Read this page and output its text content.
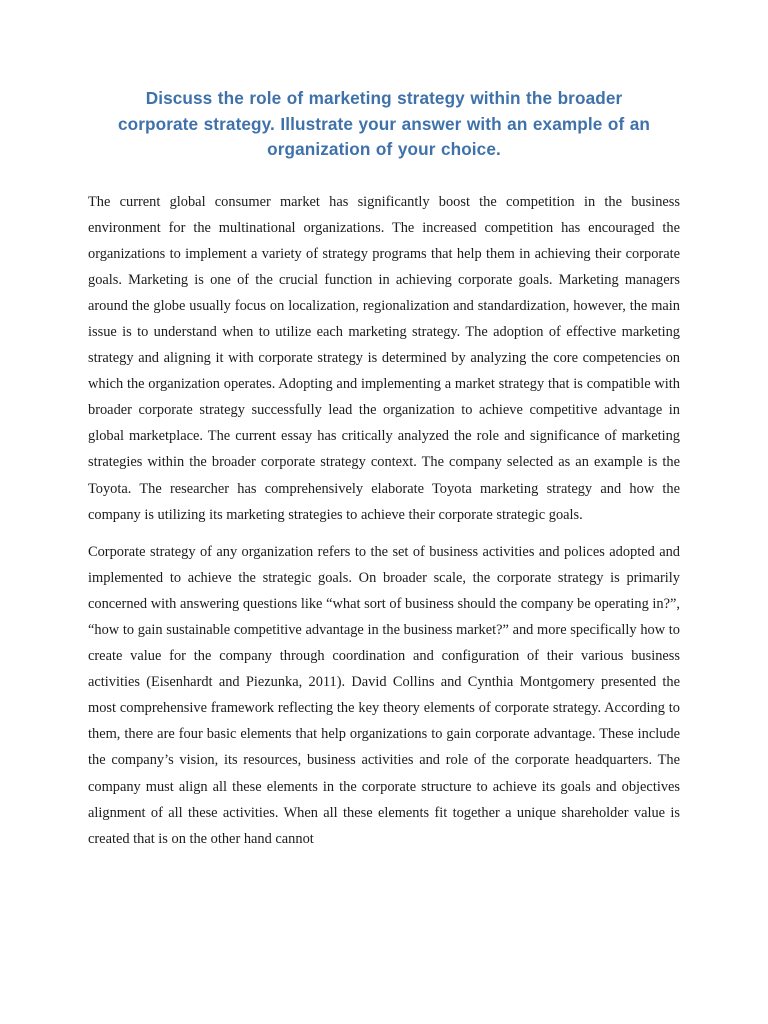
Discuss the role of marketing strategy within the broader
corporate strategy. Illustrate your answer with an example of an
organization of your choice.

The current global consumer market has significantly boost the competition in the business environment for the multinational organizations. The increased competition has encouraged the organizations to implement a variety of strategy programs that help them in achieving their corporate goals. Marketing is one of the crucial function in achieving corporate goals. Marketing managers around the globe usually focus on localization, regionalization and standardization, however, the main issue is to understand when to utilize each marketing strategy. The adoption of effective marketing strategy and aligning it with corporate strategy is determined by analyzing the core competencies on which the organization operates. Adopting and implementing a market strategy that is compatible with broader corporate strategy successfully lead the organization to achieve competitive advantage in global marketplace. The current essay has critically analyzed the role and significance of marketing strategies within the broader corporate strategy context. The company selected as an example is the Toyota. The researcher has comprehensively elaborate Toyota marketing strategy and how the company is utilizing its marketing strategies to achieve their corporate strategic goals.

Corporate strategy of any organization refers to the set of business activities and polices adopted and implemented to achieve the strategic goals. On broader scale, the corporate strategy is primarily concerned with answering questions like “what sort of business should the company be operating in?”, “how to gain sustainable competitive advantage in the business market?” and more specifically how to create value for the company through coordination and configuration of their various business activities (Eisenhardt and Piezunka, 2011). David Collins and Cynthia Montgomery presented the most comprehensive framework reflecting the key theory elements of corporate strategy. According to them, there are four basic elements that help organizations to gain corporate advantage. These include the company’s vision, its resources, business activities and role of the corporate headquarters. The company must align all these elements in the corporate structure to achieve its goals and objectives alignment of all these activities. When all these elements fit together a unique shareholder value is created that is on the other hand cannot
